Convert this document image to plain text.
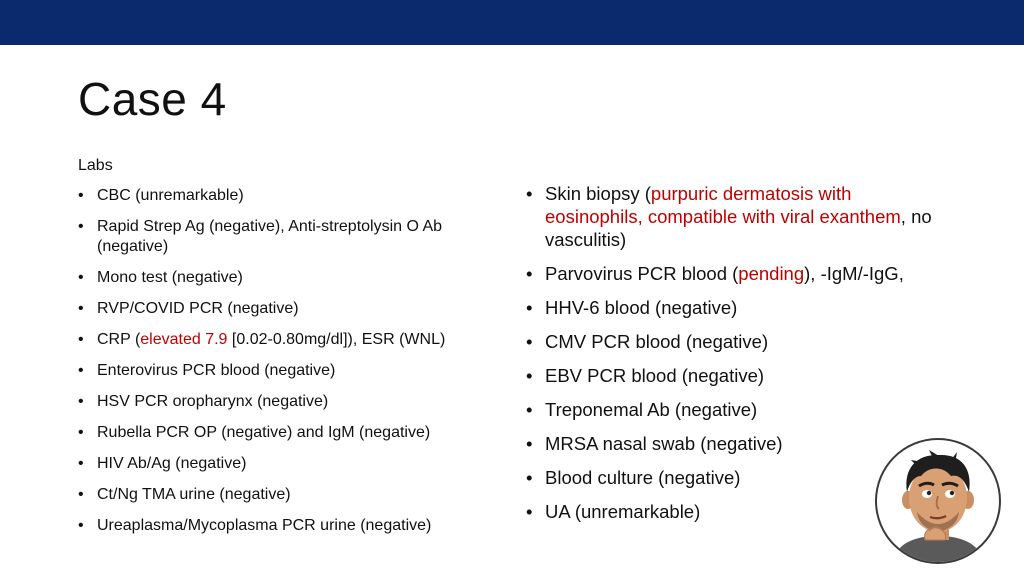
Case 4

Labs

• CBC (unremarkable)
• Rapid Strep Ag (negative), Anti-streptolysin O Ab (negative)
• Mono test (negative)
• RVP/COVID PCR (negative)
• CRP (elevated 7.9 [0.02-0.80mg/dl]), ESR (WNL)
• Enterovirus PCR blood (negative)
• HSV PCR oropharynx (negative)
• Rubella PCR OP (negative) and IgM (negative)
• HIV Ab/Ag (negative)
• Ct/Ng TMA urine (negative)
• Ureaplasma/Mycoplasma PCR urine (negative)
• Skin biopsy (purpuric dermatosis with eosinophils, compatible with viral exanthem, no vasculitis)
• Parvovirus PCR blood (pending), -IgM/-IgG,
• HHV-6 blood (negative)
• CMV PCR blood (negative)
• EBV PCR blood (negative)
• Treponemal Ab (negative)
• MRSA nasal swab (negative)
• Blood culture (negative)
• UA (unremarkable)
